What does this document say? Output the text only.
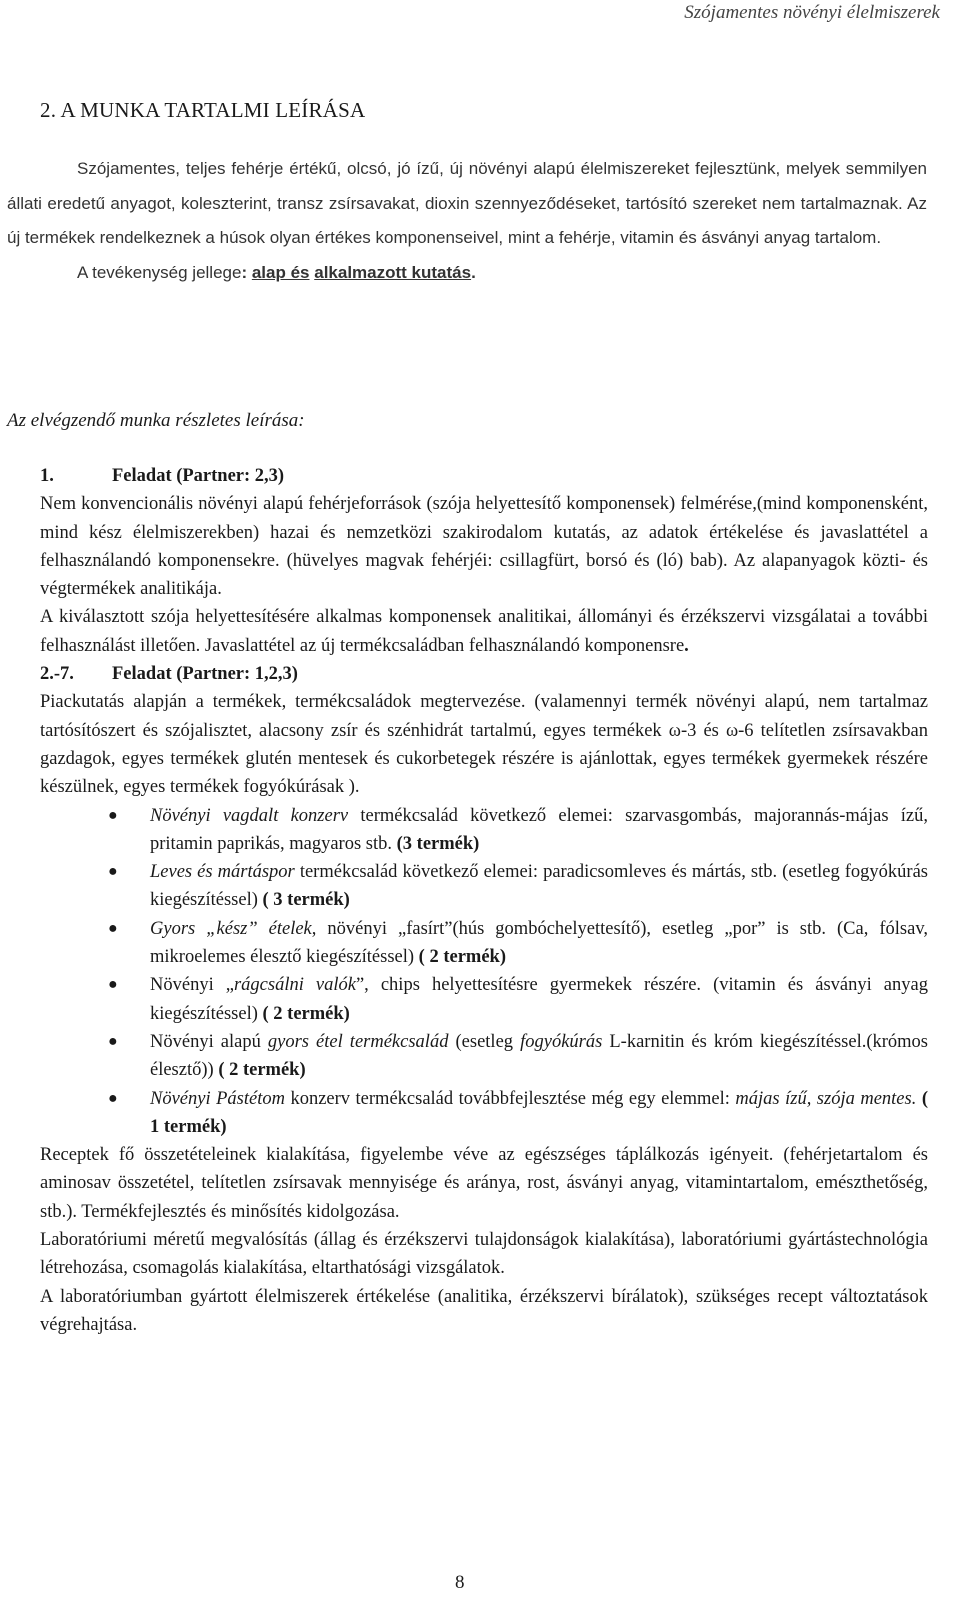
Szójamentes növényi élelmiszerek
2. A MUNKA TARTALMI LEÍRÁSA

Szójamentes, teljes fehérje értékű, olcsó, jó ízű, új növényi alapú élelmiszereket fejlesztünk, melyek semmilyen állati eredetű anyagot, koleszterint, transz zsírsavakat, dioxin szennyeződéseket, tartósító szereket nem tartalmaznak. Az új termékek rendelkeznek a húsok olyan értékes komponenseivel, mint a fehérje, vitamin és ásványi anyag tartalom.

A tevékenység jellege: alap és alkalmazott kutatás.

Az elvégzendő munka részletes leírása:

1.	Feladat (Partner: 2,3)

Nem konvencionális növényi alapú fehérjeforrások (szója helyettesítő komponensek) felmérése,(mind komponensként, mind kész élelmiszerekben) hazai és nemzetközi szakirodalom kutatás, az adatok értékelése és javaslattétel a felhasználandó komponensekre. (hüvelyes magvak fehérjéi: csillagfürt, borsó és (ló) bab). Az alapanyagok közti- és végtermékek analitikája.

A kiválasztott szója helyettesítésére alkalmas komponensek analitikai, állományi és érzékszervi vizsgálatai a további felhasználást illetően. Javaslattétel az új termékcsaládban felhasználandó komponensre.

2.-7. Feladat (Partner: 1,2,3)

Piackutatás alapján a termékek, termékcsaládok megtervezése. (valamennyi termék növényi alapú, nem tartalmaz tartósítószert és szójalisztet, alacsony zsír és szénhidrát tartalmú, egyes termékek ω-3 és ω-6 telítetlen zsírsavakban gazdagok, egyes termékek glutén mentesek és cukorbetegek részére is ajánlottak, egyes termékek gyermekek részére készülnek, egyes termékek fogyókúrásak ).

● Növényi vagdalt konzerv termékcsalád következő elemei: szarvasgombás, majorannás-májas ízű, pritamin paprikás, magyaros stb. (3 termék)
● Leves és mártáspor termékcsalád következő elemei: paradicsomleves és mártás, stb. (esetleg fogyókúrás kiegészítéssel) ( 3 termék)
● Gyors „kész” ételek, növényi „fasírt”(hús gombóchelyettesítő), esetleg „por” is stb. (Ca, fólsav, mikroelemes élesztő kiegészítéssel) ( 2 termék)
● Növényi „rágcsálni valók”, chips helyettesítésre gyermekek részére. (vitamin és ásványi anyag kiegészítéssel) ( 2 termék)
● Növényi alapú gyors étel termékcsalád (esetleg fogyókúrás L-karnitin és króm kiegészítéssel.(krómos élesztő)) ( 2 termék)
● Növényi Pástétom konzerv termékcsalád továbbfejlesztése még egy elemmel: májas ízű, szója mentes. ( 1 termék)

Receptek fő összetételeinek kialakítása, figyelembe véve az egészséges táplálkozás igényeit. (fehérjetartalom és aminosav összetétel, telítetlen zsírsavak mennyisége és aránya, rost, ásványi anyag, vitamintartalom, emészthetőség, stb.). Termékfejlesztés és minősítés kidolgozása.

Laboratóriumi méretű megvalósítás (állag és érzékszervi tulajdonságok kialakítása), laboratóriumi gyártástechnológia létrehozása, csomagolás kialakítása, eltarthatósági vizsgálatok.

A laboratóriumban gyártott élelmiszerek értékelése (analitika, érzékszervi bírálatok), szükséges recept változtatások végrehajtása.

8
